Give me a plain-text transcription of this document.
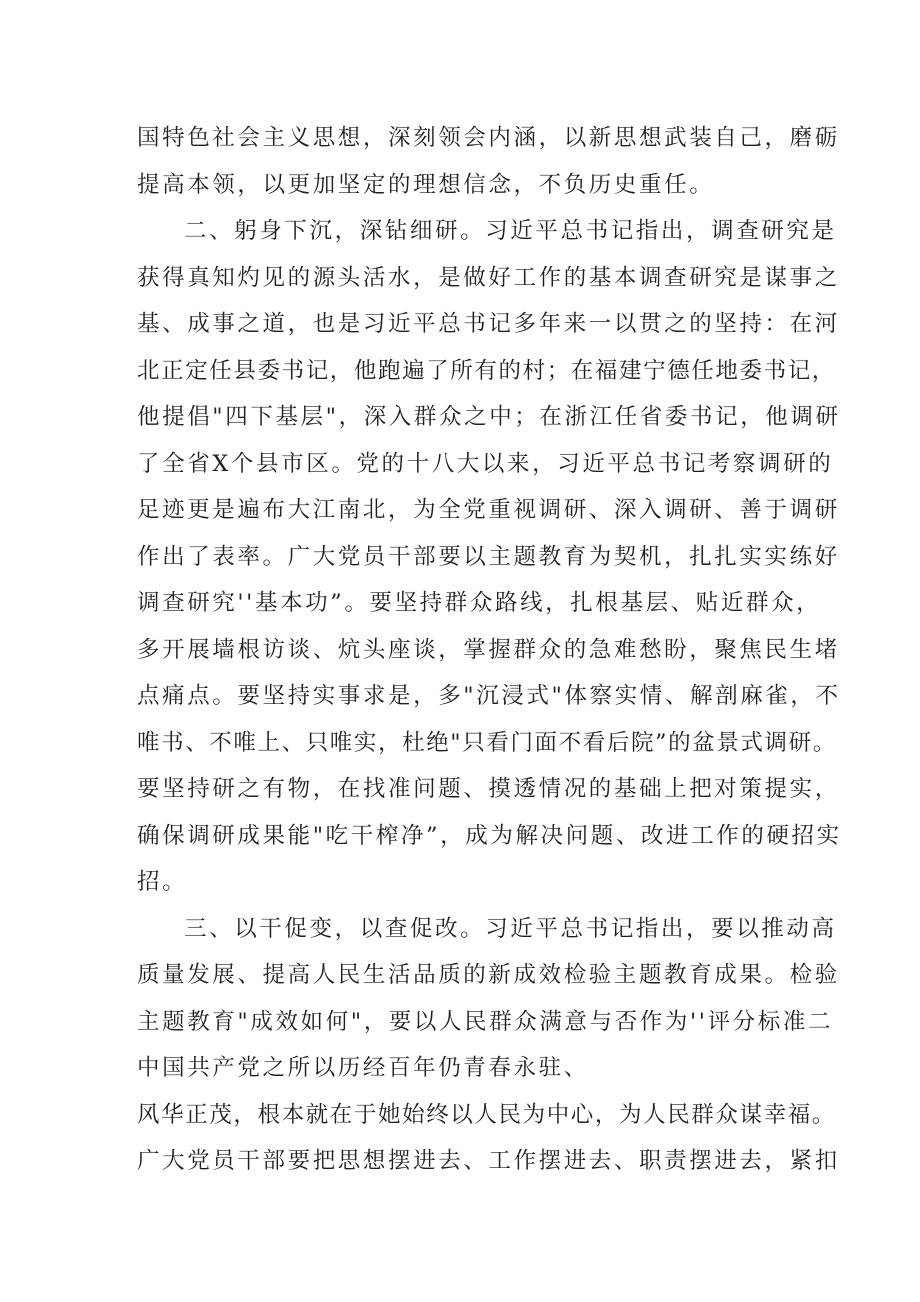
国特色社会主义思想，深刻领会内涵，以新思想武装自己，磨砺
提高本领，以更加坚定的理想信念，不负历史重任。
二、躬身下沉，深钻细研。习近平总书记指出，调查研究是
获得真知灼见的源头活水，是做好工作的基本调查研究是谋事之
基、成事之道，也是习近平总书记多年来一以贯之的坚持：在河
北正定任县委书记，他跑遍了所有的村；在福建宁德任地委书记，
他提倡"四下基层"，深入群众之中；在浙江任省委书记，他调研
了全省X个县市区。党的十八大以来，习近平总书记考察调研的
足迹更是遍布大江南北，为全党重视调研、深入调研、善于调研
作出了表率。广大党员干部要以主题教育为契机，扎扎实实练好
调查研究''基本功”。要坚持群众路线，扎根基层、贴近群众，
多开展墙根访谈、炕头座谈，掌握群众的急难愁盼，聚焦民生堵
点痛点。要坚持实事求是，多"沉浸式"体察实情、解剖麻雀，不
唯书、不唯上、只唯实，杜绝"只看门面不看后院”的盆景式调研。
要坚持研之有物，在找准问题、摸透情况的基础上把对策提实，
确保调研成果能"吃干榨净”，成为解决问题、改进工作的硬招实
招。
三、以干促变，以查促改。习近平总书记指出，要以推动高
质量发展、提高人民生活品质的新成效检验主题教育成果。检验
主题教育"成效如何"，要以人民群众满意与否作为''评分标准二
中国共产党之所以历经百年仍青春永驻、
风华正茂，根本就在于她始终以人民为中心，为人民群众谋幸福。
广大党员干部要把思想摆进去、工作摆进去、职责摆进去，紧扣
